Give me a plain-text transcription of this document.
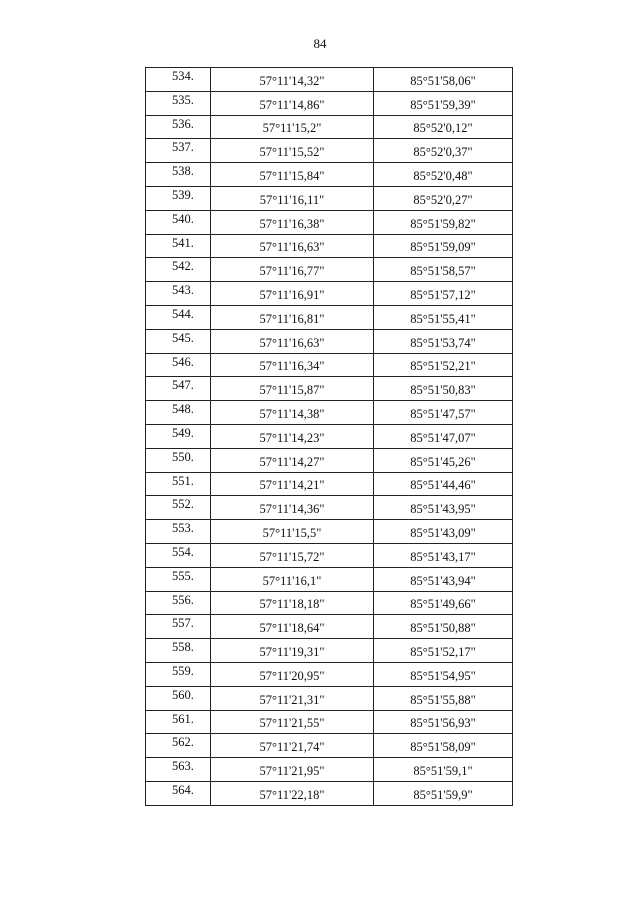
84
534.	57°11'14,32"	85°51'58,06"
535.	57°11'14,86"	85°51'59,39"
536.	57°11'15,2"	85°52'0,12"
537.	57°11'15,52"	85°52'0,37"
538.	57°11'15,84"	85°52'0,48"
539.	57°11'16,11"	85°52'0,27"
540.	57°11'16,38"	85°51'59,82"
541.	57°11'16,63"	85°51'59,09"
542.	57°11'16,77"	85°51'58,57"
543.	57°11'16,91"	85°51'57,12"
544.	57°11'16,81"	85°51'55,41"
545.	57°11'16,63"	85°51'53,74"
546.	57°11'16,34"	85°51'52,21"
547.	57°11'15,87"	85°51'50,83"
548.	57°11'14,38"	85°51'47,57"
549.	57°11'14,23"	85°51'47,07"
550.	57°11'14,27"	85°51'45,26"
551.	57°11'14,21"	85°51'44,46"
552.	57°11'14,36"	85°51'43,95"
553.	57°11'15,5"	85°51'43,09"
554.	57°11'15,72"	85°51'43,17"
555.	57°11'16,1"	85°51'43,94"
556.	57°11'18,18"	85°51'49,66"
557.	57°11'18,64"	85°51'50,88"
558.	57°11'19,31"	85°51'52,17"
559.	57°11'20,95"	85°51'54,95"
560.	57°11'21,31"	85°51'55,88"
561.	57°11'21,55"	85°51'56,93"
562.	57°11'21,74"	85°51'58,09"
563.	57°11'21,95"	85°51'59,1"
564.	57°11'22,18"	85°51'59,9"
